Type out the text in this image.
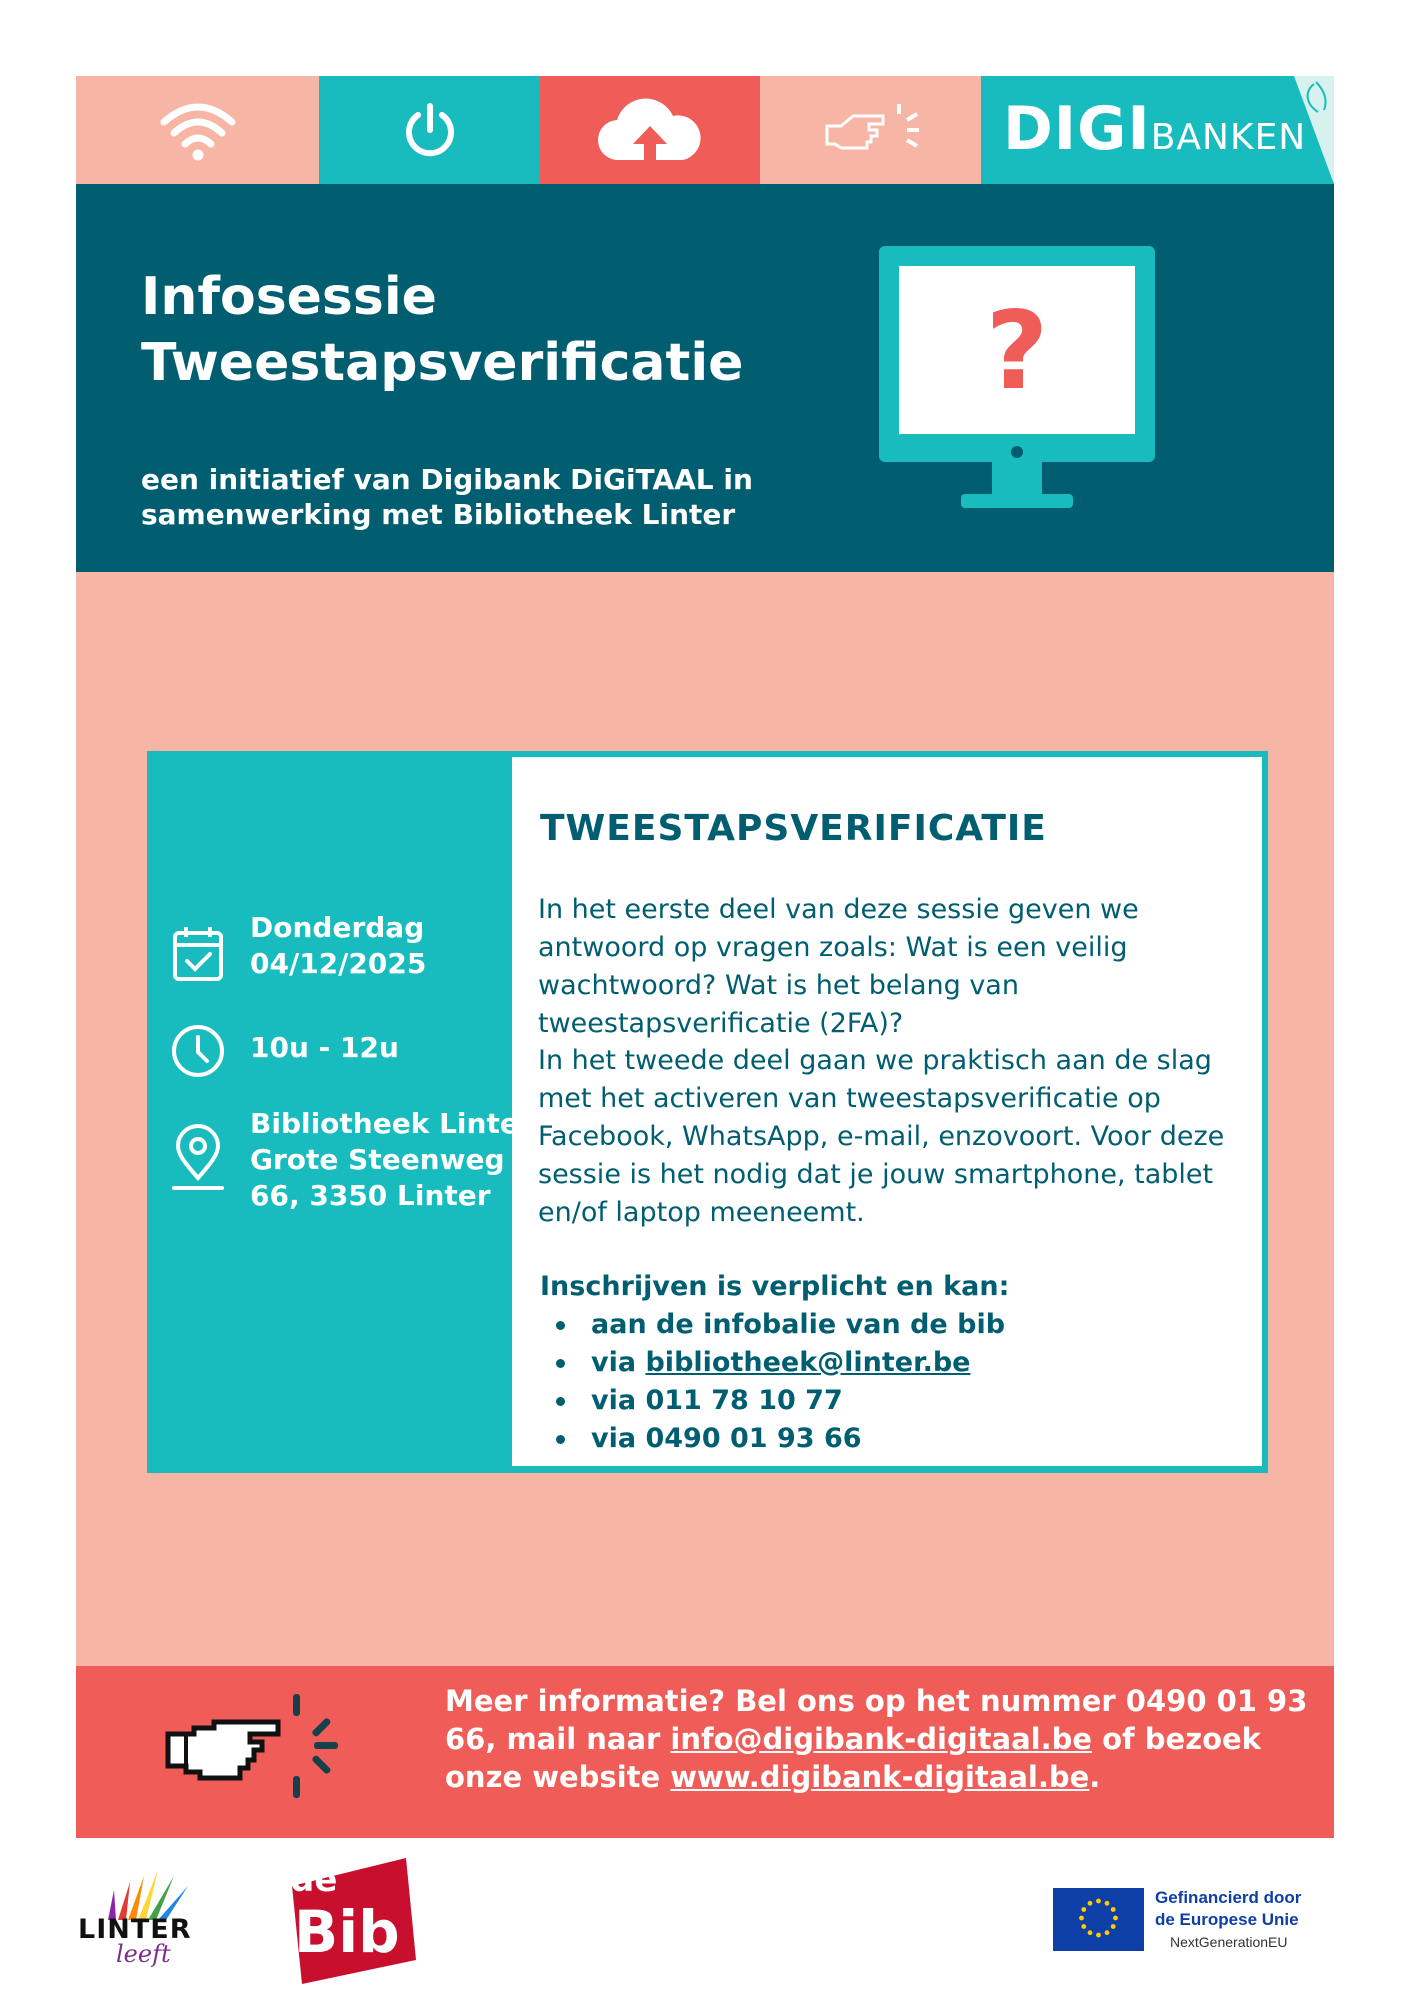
DIGIBANKEN
Infosessie
Tweestapsverificatie
een initiatief van Digibank DiGiTAAL in
samenwerking met Bibliotheek Linter
?
Donderdag
04/12/2025
10u - 12u
Bibliotheek Linter
Grote Steenweg
66, 3350 Linter
TWEESTAPSVERIFICATIE
In het eerste deel van deze sessie geven we antwoord op vragen zoals: Wat is een veilig wachtwoord? Wat is het belang van tweestapsverificatie (2FA)?
In het tweede deel gaan we praktisch aan de slag met het activeren van tweestapsverificatie op Facebook, WhatsApp, e-mail, enzovoort. Voor deze sessie is het nodig dat je jouw smartphone, tablet en/of laptop meeneemt.
Inschrijven is verplicht en kan:
aan de infobalie van de bib
via bibliotheek@linter.be
via 011 78 10 77
via 0490 01 93 66
Meer informatie? Bel ons op het nummer 0490 01 93 66, mail naar info@digibank-digitaal.be of bezoek onze website www.digibank-digitaal.be.
LINTER
leeft
de
Bib
Gefinancierd door
de Europese Unie
NextGenerationEU
